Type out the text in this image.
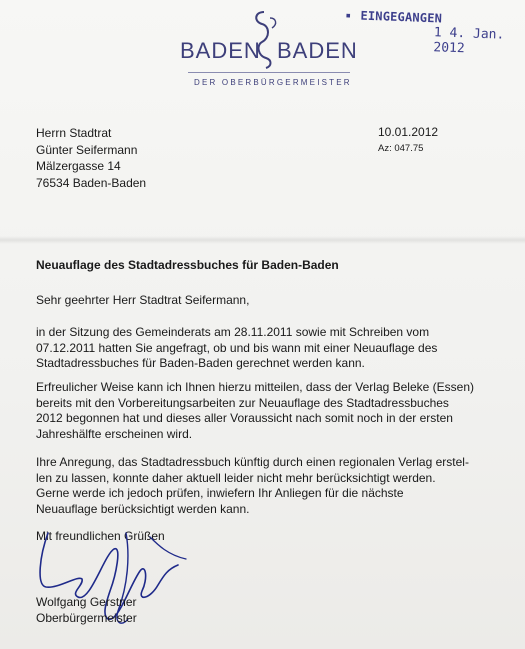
■ EINGEGANGEN
1 4. Jan. 2012
BADEN BADEN
DER OBERBÜRGERMEISTER
Herrn Stadtrat
Günter Seifermann
Mälzergasse 14
76534 Baden-Baden
10.01.2012
Az: 047.75
Neuauflage des Stadtadressbuches für Baden-Baden
Sehr geehrter Herr Stadtrat Seifermann,
in der Sitzung des Gemeinderats am 28.11.2011 sowie mit Schreiben vom
07.12.2011 hatten Sie angefragt, ob und bis wann mit einer Neuauflage des
Stadtadressbuches für Baden-Baden gerechnet werden kann.
Erfreulicher Weise kann ich Ihnen hierzu mitteilen, dass der Verlag Beleke (Essen)
bereits mit den Vorbereitungsarbeiten zur Neuauflage des Stadtadressbuches
2012 begonnen hat und dieses aller Voraussicht nach somit noch in der ersten
Jahreshälfte erscheinen wird.
Ihre Anregung, das Stadtadressbuch künftig durch einen regionalen Verlag erstel-
len zu lassen, konnte daher aktuell leider nicht mehr berücksichtigt werden.
Gerne werde ich jedoch prüfen, inwiefern Ihr Anliegen für die nächste
Neuauflage berücksichtigt werden kann.
Mit freundlichen Grüßen
Wolfgang Gerstner
Oberbürgermeister
